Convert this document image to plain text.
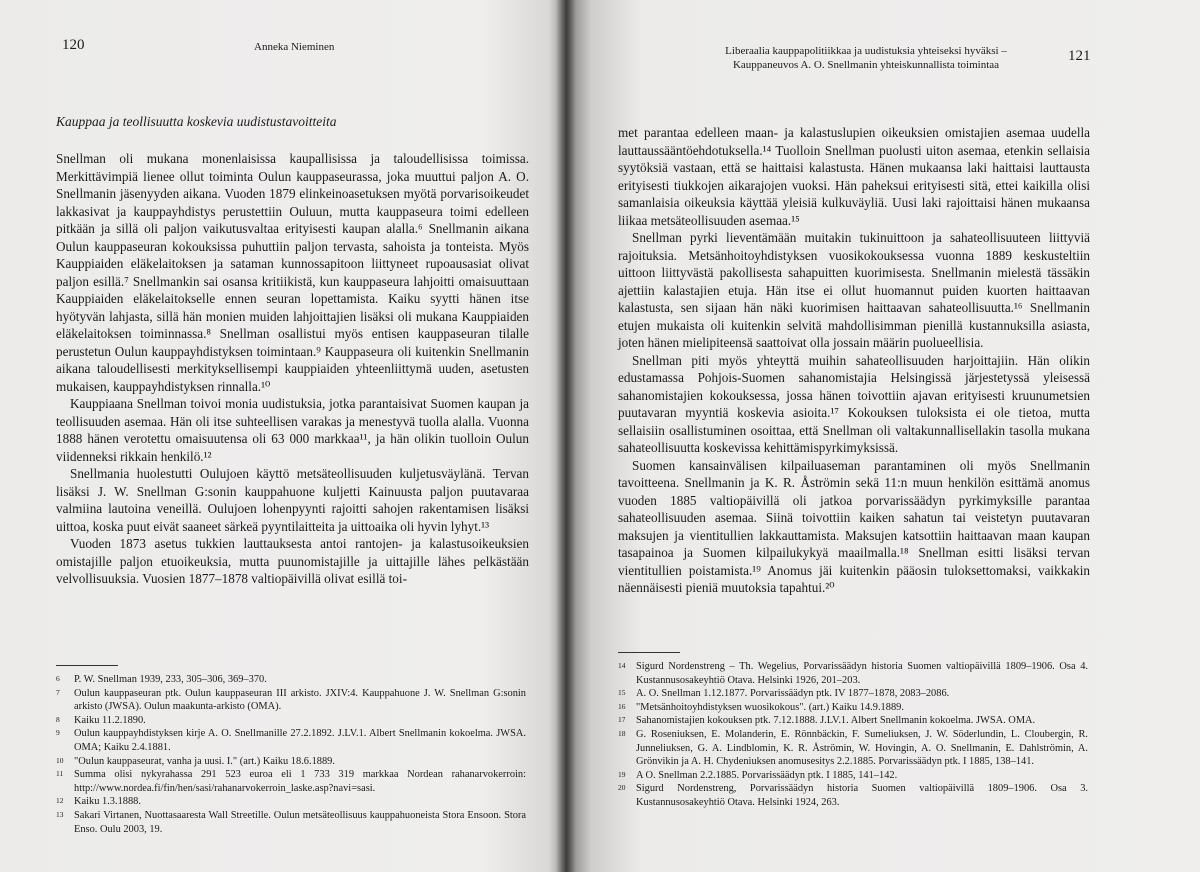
120	Anneka Nieminen
Kauppaa ja teollisuutta koskevia uudistustavoitteita

Snellman oli mukana monenlaisissa kaupallisissa ja taloudellisissa toimissa. Merkittävimpiä lienee ollut toiminta Oulun kauppaseurassa, joka muuttui paljon A. O. Snellmanin jäsenyyden aikana. Vuoden 1879 elinkeinoasetuksen myötä porvarisoikeudet lakkasivat ja kauppayhdistys perustettiin Ouluun, mutta kauppaseura toimi edelleen pitkään ja sillä oli paljon vaikutusvaltaa erityisesti kaupan alalla.⁶ Snellmanin aikana Oulun kauppaseuran kokouksissa puhuttiin paljon tervasta, sahoista ja tonteista. Myös Kauppiaiden eläkelaitoksen ja sataman kunnossapitoon liittyneet rupoausasiat olivat paljon esillä.⁷ Snellmankin sai osansa kritiikistä, kun kauppaseura lahjoitti omaisuuttaan Kauppiaiden eläkelaitokselle ennen seuran lopettamista. Kaiku syytti hänen itse hyötyvän lahjasta, sillä hän monien muiden lahjoittajien lisäksi oli mukana Kauppiaiden eläkelaitoksen toiminnassa.⁸ Snellman osallistui myös entisen kauppaseuran tilalle perustetun Oulun kauppayhdistyksen toimintaan.⁹ Kauppaseura oli kuitenkin Snellmanin aikana taloudellisesti merkityksellisempi kauppiaiden yhteenliittymä uuden, asetusten mukaisen, kauppayhdistyksen rinnalla.¹⁰

Kauppiaana Snellman toivoi monia uudistuksia, jotka parantaisivat Suomen kaupan ja teollisuuden asemaa. Hän oli itse suhteellisen varakas ja menestyvä tuolla alalla. Vuonna 1888 hänen verotettu omaisuutensa oli 63 000 markkaa¹¹, ja hän olikin tuolloin Oulun viidenneksi rikkain henkilö.¹²

Snellmania huolestutti Oulujoen käyttö metsäteollisuuden kuljetusväylänä. Tervan lisäksi J. W. Snellman G:sonin kauppahuone kuljetti Kainuusta paljon puutavaraa valmiina lautoina veneillä. Oulujoen lohenpyynti rajoitti sahojen rakentamisen lisäksi uittoa, koska puut eivät saaneet särkeä pyyntilaitteita ja uittoaika oli hyvin lyhyt.¹³

Vuoden 1873 asetus tukkien lauttauksesta antoi rantojen- ja kalastusoikeuksien omistajille paljon etuoikeuksia, mutta puunomistajille ja uittajille lähes pelkästään velvollisuuksia. Vuosien 1877–1878 valtiopäivillä olivat esillä toi-

6 P. W. Snellman 1939, 233, 305–306, 369–370.
7 Oulun kauppaseuran ptk. Oulun kauppaseuran III arkisto. JXIV:4. Kauppahuone J. W. Snellman G:sonin arkisto (JWSA). Oulun maakunta-arkisto (OMA).
8 Kaiku 11.2.1890.
9 Oulun kauppayhdistyksen kirje A. O. Snellmanille 27.2.1892. J.LV.1. Albert Snellmanin kokoelma. JWSA. OMA; Kaiku 2.4.1881.
10 "Oulun kauppaseurat, vanha ja uusi. I." (art.) Kaiku 18.6.1889.
11 Summa olisi nykyrahassa 291 523 euroa eli 1 733 319 markkaa Nordean rahanarvokerroin: http://www.nordea.fi/fin/hen/sasi/rahanarvokerroin_laske.asp?navi=sasi.
12 Kaiku 1.3.1888.
13 Sakari Virtanen, Nuottasaaresta Wall Streetille. Oulun metsäteollisuus kauppahuoneista Stora Ensoon. Stora Enso. Oulu 2003, 19.
Liberaalia kauppapolitiikkaa ja uudistuksia yhteiseksi hyväksi –
Kauppaneuvos A. O. Snellmanin yhteiskunnallista toimintaa
121

met parantaa edelleen maan- ja kalastuslupien oikeuksien omistajien asemaa uudella lauttaussääntöehdotuksella.¹⁴ Tuolloin Snellman puolusti uiton asemaa, etenkin sellaisia syytöksiä vastaan, että se haittaisi kalastusta. Hänen mukaansa laki haittaisi lauttausta erityisesti tiukkojen aikarajojen vuoksi. Hän paheksui erityisesti sitä, ettei kaikilla olisi samanlaisia oikeuksia käyttää yleisiä kulkuväyliä. Uusi laki rajoittaisi hänen mukaansa liikaa metsäteollisuuden asemaa.¹⁵

Snellman pyrki lieventämään muitakin tukinuittoon ja sahateollisuuteen liittyviä rajoituksia. Metsänhoitoyhdistyksen vuosikokouksessa vuonna 1889 keskusteltiin uittoon liittyvästä pakollisesta sahapuitten kuorimisesta. Snellmanin mielestä tässäkin ajettiin kalastajien etuja. Hän itse ei ollut huomannut puiden kuorten haittaavan kalastusta, sen sijaan hän näki kuorimisen haittaavan sahateollisuutta.¹⁶ Snellmanin etujen mukaista oli kuitenkin selvitä mahdollisimman pienillä kustannuksilla asiasta, joten hänen mielipiteensä saattoivat olla jossain määrin puolueellisia.

Snellman piti myös yhteyttä muihin sahateollisuuden harjoittajiin. Hän olikin edustamassa Pohjois-Suomen sahanomistajia Helsingissä järjestetyssä yleisessä sahanomistajien kokouksessa, jossa hänen toivottiin ajavan erityisesti kruunumetsien puutavaran myyntiä koskevia asioita.¹⁷ Kokouksen tuloksista ei ole tietoa, mutta sellaisiin osallistuminen osoittaa, että Snellman oli valtakunnallisellakin tasolla mukana sahateollisuutta koskevissa kehittämispyrkimyksissä.

Suomen kansainvälisen kilpailuaseman parantaminen oli myös Snellmanin tavoitteena. Snellmanin ja K. R. Åströmin sekä 11:n muun henkilön esittämä anomus vuoden 1885 valtiopäivillä oli jatkoa porvarissäädyn pyrkimyksille parantaa sahateollisuuden asemaa. Siinä toivottiin kaiken sahatun tai veistetyn puutavaran maksujen ja vientitullien lakkauttamista. Maksujen katsottiin haittaavan maan kaupan tasapainoa ja Suomen kilpailukykyä maailmalla.¹⁸ Snellman esitti lisäksi tervan vientitullien poistamista.¹⁹ Anomus jäi kuitenkin pääosin tuloksettomaksi, vaikkakin näennäisesti pieniä muutoksia tapahtui.²⁰

14 Sigurd Nordenstreng – Th. Wegelius, Porvarissäädyn historia Suomen valtiopäivillä 1809–1906. Osa 4. Kustannusosakeyhtiö Otava. Helsinki 1926, 201–203.
15 A. O. Snellman 1.12.1877. Porvarissäädyn ptk. IV 1877–1878, 2083–2086.
16 "Metsänhoitoyhdistyksen wuosikokous". (art.) Kaiku 14.9.1889.
17 Sahanomistajien kokouksen ptk. 7.12.1888. J.LV.1. Albert Snellmanin kokoelma. JWSA. OMA.
18 G. Roseniuksen, E. Molanderin, E. Rönnbäckin, F. Sumeliuksen, J. W. Söderlundin, L. Cloubergin, R. Junneliuksen, G. A. Lindblomin, K. R. Åströmin, W. Hovingin, A. O. Snellmanin, E. Dahlströmin, A. Grönvikin ja A. H. Chydeniuksen anomusesitys 2.2.1885. Porvarissäädyn ptk. I 1885, 138–141.
19 A O. Snellman 2.2.1885. Porvarissäädyn ptk. I 1885, 141–142.
20 Sigurd Nordenstreng, Porvarissäädyn historia Suomen valtiopäivillä 1809–1906. Osa 3. Kustannusosakeyhtiö Otava. Helsinki 1924, 263.
